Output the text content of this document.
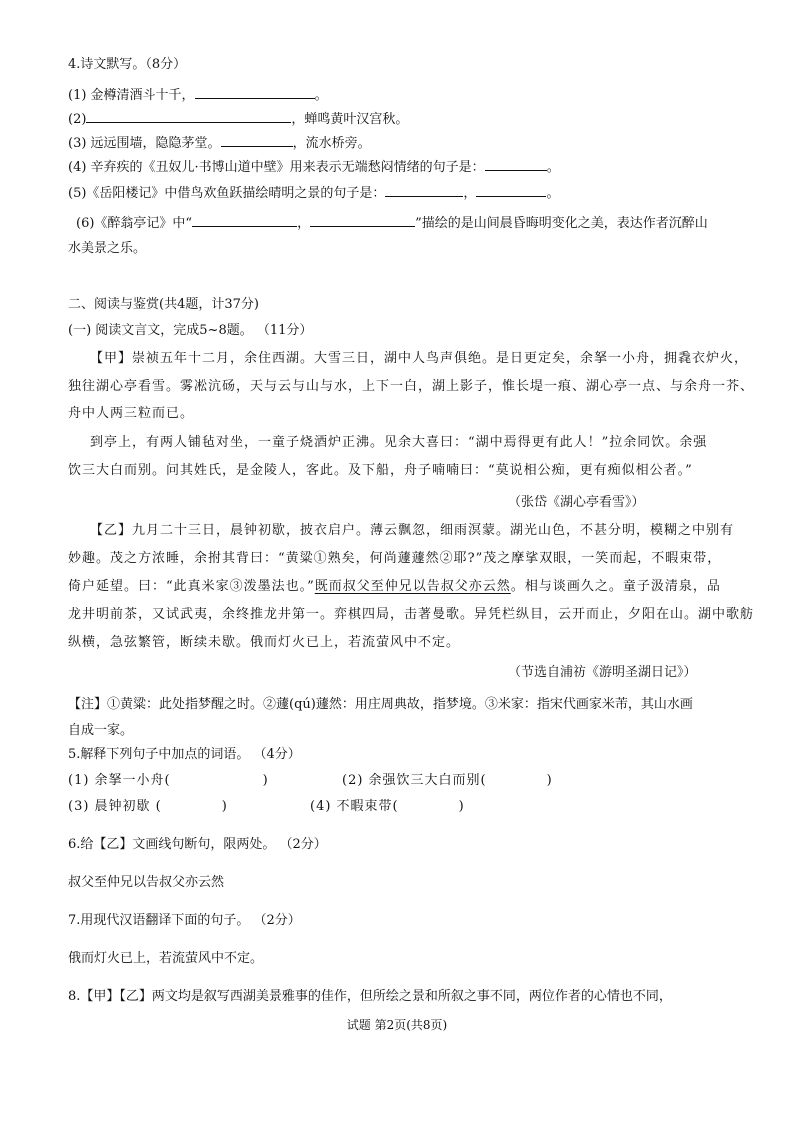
4.诗文默写。（8分）
(1) 金樽清酒斗十千，	。
(2)	，蝉鸣黄叶汉宫秋。
(3) 远远围墙，隐隐茅堂。	，流水桥旁。
(4) 辛弃疾的《丑奴儿·书博山道中壁》用来表示无端愁闷情绪的句子是：	。
(5)《岳阳楼记》中借鸟欢鱼跃描绘晴明之景的句子是：	，	。
(6)《醉翁亭记》中“	，	”描绘的是山间晨昏晦明变化之美，表达作者沉醉山
水美景之乐。
二、阅读与鉴赏(共4题，计37分)
(一) 阅读文言文，完成5~8题。 （11分）
【甲】崇祯五年十二月，余住西湖。大雪三日，湖中人鸟声俱绝。是日更定矣，余拏一小舟，拥毳衣炉火，
独往湖心亭看雪。雾凇沆砀，天与云与山与水，上下一白，湖上影子，惟长堤一痕、湖心亭一点、与余舟一芥、
舟中人两三粒而已。
到亭上，有两人铺毡对坐，一童子烧酒炉正沸。见余大喜曰：“湖中焉得更有此人！”拉余同饮。余强
饮三大白而别。问其姓氏，是金陵人，客此。及下船，舟子喃喃曰：“莫说相公痴，更有痴似相公者。”
（张岱《湖心亭看雪》）
【乙】九月二十三日，晨钟初歇，披衣启户。薄云飘忽，细雨溟蒙。湖光山色，不甚分明，模糊之中别有
妙趣。茂之方浓睡，余拊其背曰：“黄粱①熟矣，何尚蘧蘧然②耶?”茂之摩挲双眼，一笑而起，不暇束带，
倚户延望。曰：“此真米家③泼墨法也。”既而叔父至仲兄以告叔父亦云然。相与谈画久之。童子汲清泉，品
龙井明前茶，又试武夷，余终推龙井第一。弈棋四局，击著曼歌。异凭栏纵目，云开而止，夕阳在山。湖中歌舫
纵横，急弦繁管，断续未歇。俄而灯火已上，若流萤风中不定。
（节选自浦祊《游明圣湖日记》）
【注】①黄粱：此处指梦醒之时。②蘧(qú)蘧然：用庄周典故，指梦境。③米家：指宋代画家米芾，其山水画
自成一家。
5.解释下列句子中加点的词语。 （4分）
(1) 余拏一小舟(	)	(2) 余强饮三大白而别(	)
(3) 晨钟初歇 (	)	(4) 不暇束带(	)
6.给【乙】文画线句断句，限两处。 （2分）
叔父至仲兄以告叔父亦云然
7.用现代汉语翻译下面的句子。 （2分）
俄而灯火已上，若流萤风中不定。
8.【甲】【乙】两文均是叙写西湖美景雅事的佳作，但所绘之景和所叙之事不同，两位作者的心情也不同，
试题 第2页(共8页)
